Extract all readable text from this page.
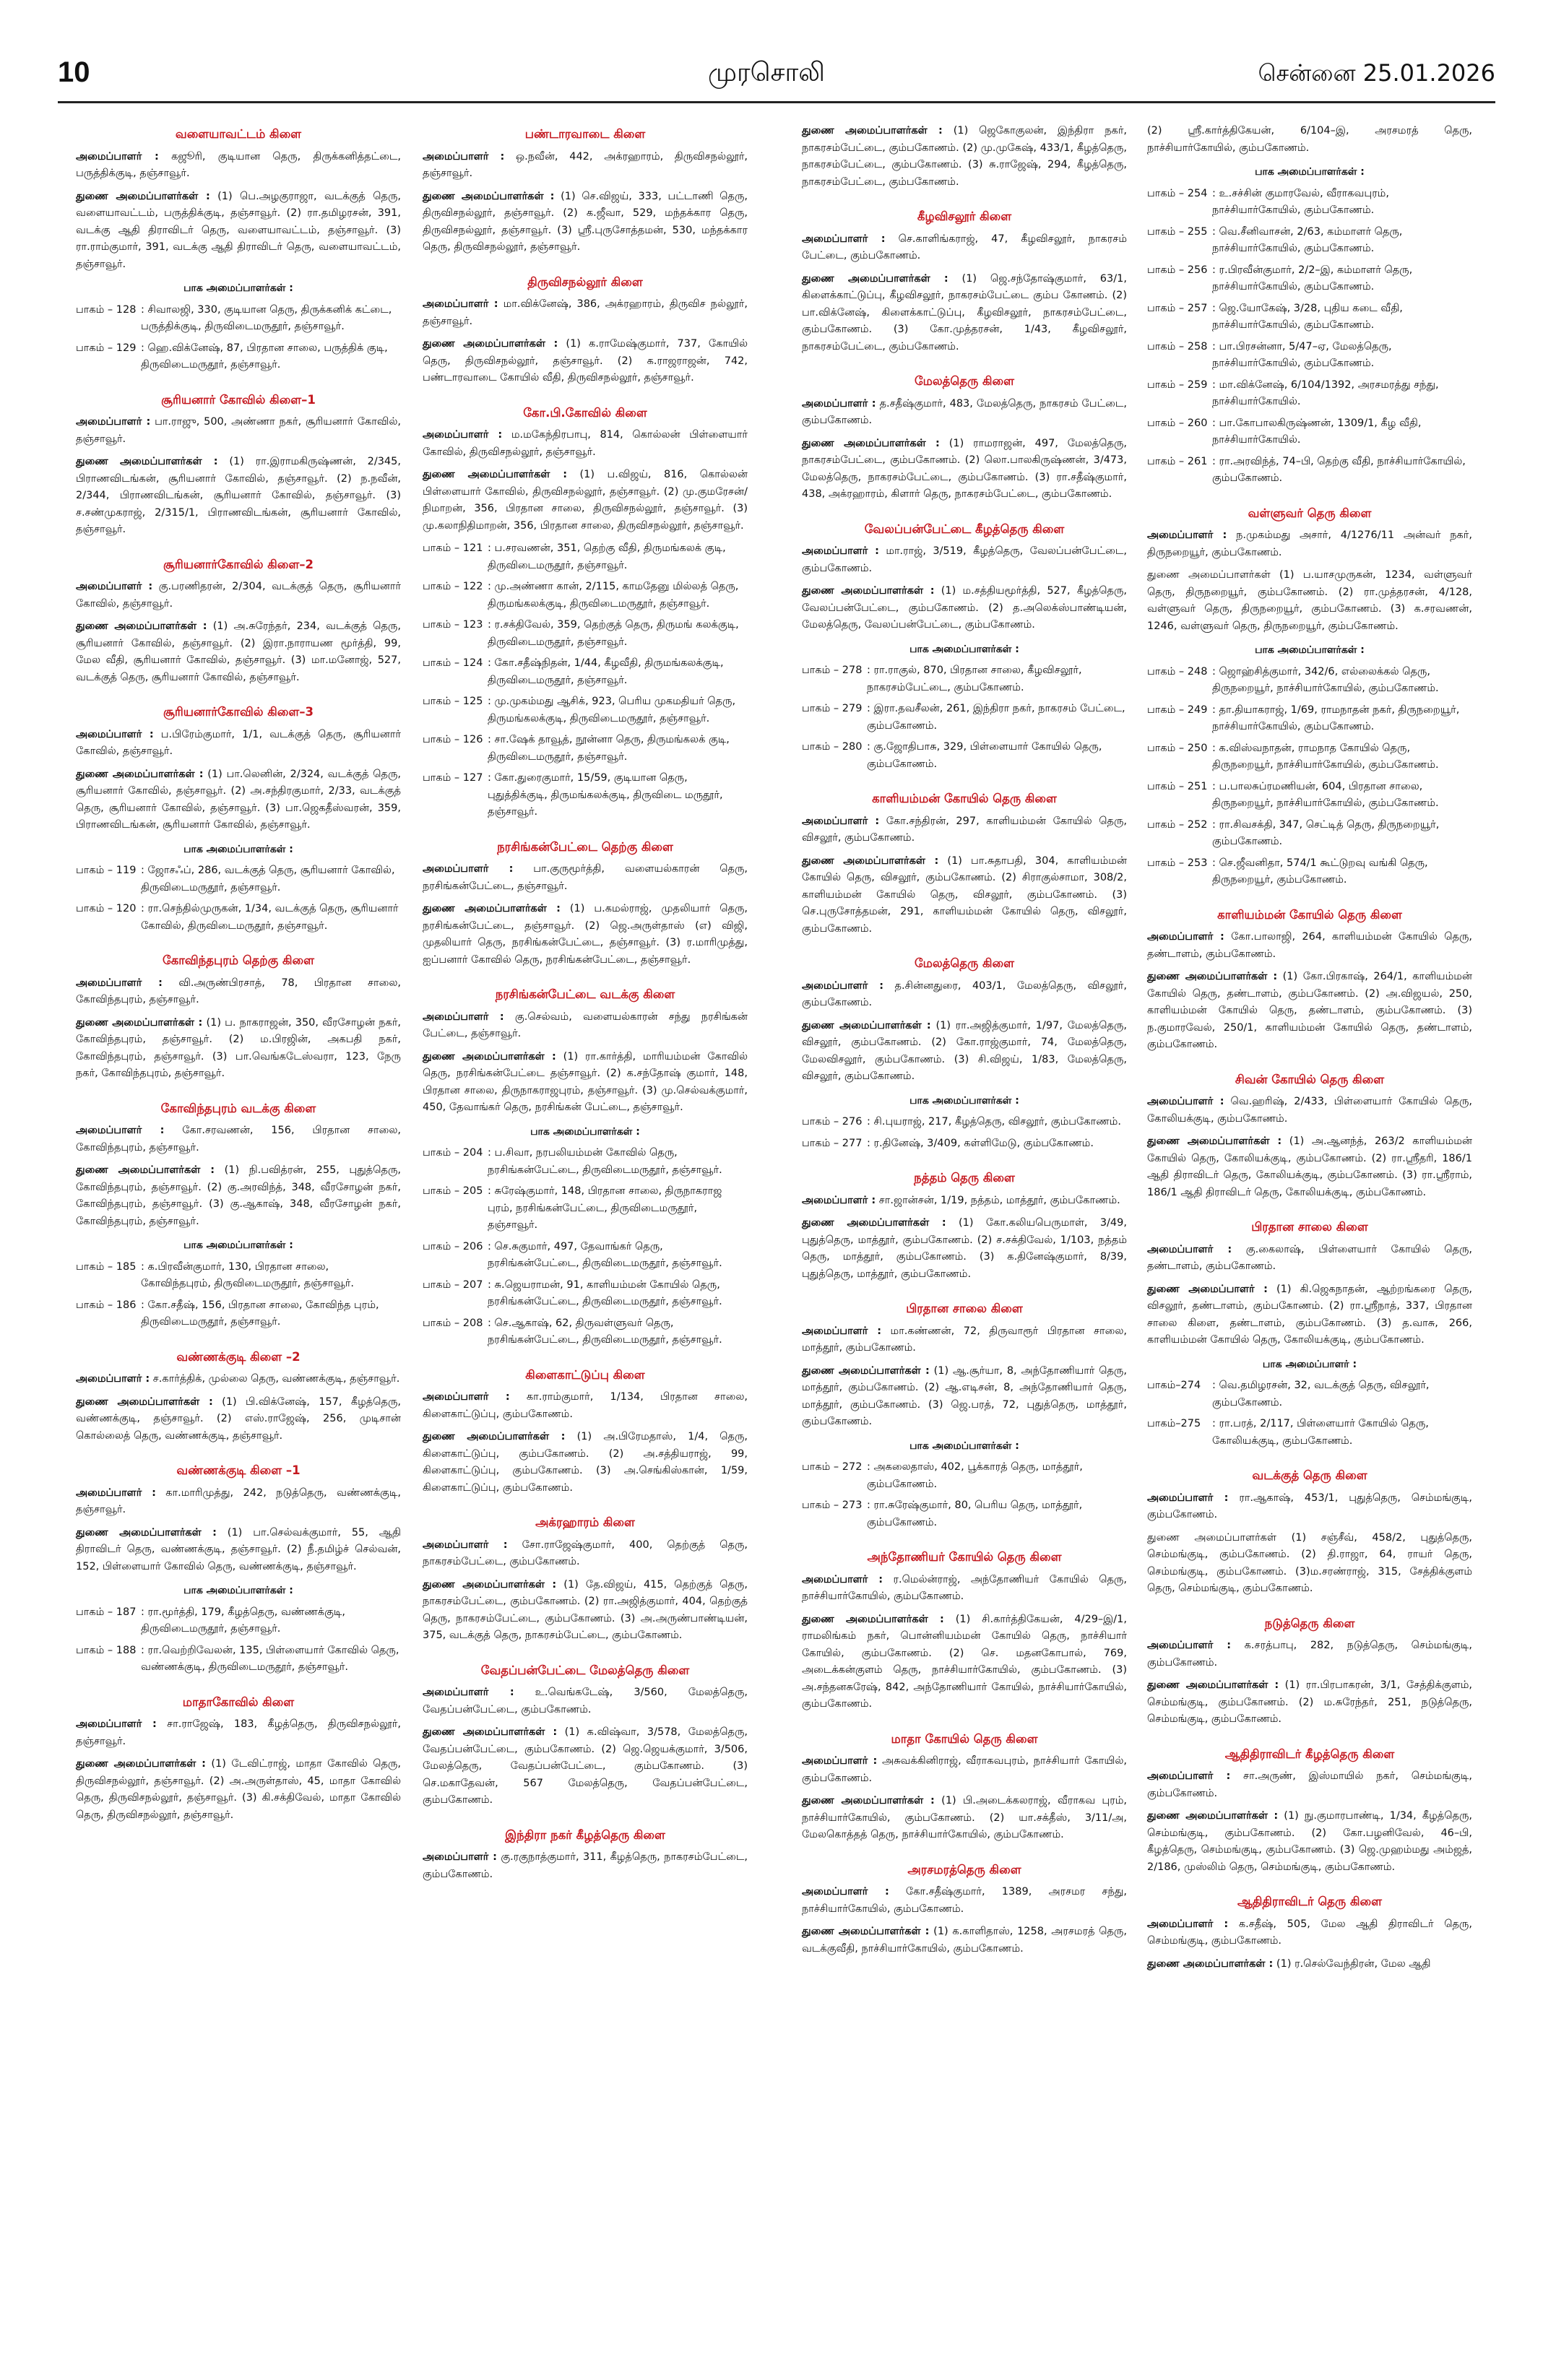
10	முரசொலி	சென்னை 25.01.2026
வளையாவட்டம் கிளை

அமைப்பாளர் : கஜூரி, குடியான தெரு, திருக்கனித்தட்டை, பருத்திக்குடி, தஞ்சாவூர்.

துணை அமைப்பாளர்கள் : (1) பெ.அழகுராஜா, வடக்குத் தெரு, வளையாவட்டம், பருத்திக்குடி, தஞ்சாவூர். (2) ரா.தமிழரசன், 391, வடக்கு ஆதி திராவிடர் தெரு, வளையாவட்டம், தஞ்சாவூர். (3) ரா.ராம்குமார், 391, வடக்கு ஆதி திராவிடர் தெரு, வளையாவட்டம், தஞ்சாவூர்.

பாக அமைப்பாளர்கள் :
பாகம் – 128 : சிவாலஜி, 330, குடியான தெரு, திருக்கனிக் கட்டை, பருத்திக்குடி, திருவிடைமருதூர், தஞ்சாவூர்.
பாகம் – 129 : ஹெ.விக்னேஷ், 87, பிரதான சாலை, பருத்திக் குடி, திருவிடைமருதூர், தஞ்சாவூர்.
சூரியனார் கோவில் கிளை–1

அமைப்பாளர் : பா.ராஜு, 500, அண்ணா நகர், சூரியனார் கோவில், தஞ்சாவூர்.

துணை அமைப்பாளர்கள் : (1) ரா.இராமகிருஷ்ணன், 2/345, பிராணவிடங்கன், சூரியனார் கோவில், தஞ்சாவூர். (2) ந.நவீன், 2/344, பிராணவிடங்கன், சூரியனார் கோவில், தஞ்சாவூர். (3) ச.சண்முகராஜ், 2/315/1, பிராணவிடங்கன், சூரியனார் கோவில், தஞ்சாவூர்.

சூரியனார்கோவில் கிளை–2

அமைப்பாளர் : கு.பரணிதரன், 2/304, வடக்குத் தெரு, சூரியனார் கோவில், தஞ்சாவூர்.

துணை அமைப்பாளர்கள் : (1) அ.சுரேந்தர், 234, வடக்குத் தெரு, சூரியனார் கோவில், தஞ்சாவூர். (2) இரா.நாராயண மூர்த்தி, 99, மேல வீதி, சூரியனார் கோவில், தஞ்சாவூர். (3) மா.மனோஜ், 527, வடக்குத் தெரு, சூரியனார் கோவில், தஞ்சாவூர்.

சூரியனார்கோவில் கிளை–3

அமைப்பாளர் : ப.பிரேம்குமார், 1/1, வடக்குத் தெரு, சூரியனார் கோவில், தஞ்சாவூர்.

துணை அமைப்பாளர்கள் : (1) பா.லெனின், 2/324, வடக்குத் தெரு, சூரியனார் கோவில், தஞ்சாவூர். (2) அ.சந்திரகுமார், 2/33, வடக்குத் தெரு, சூரியனார் கோவில், தஞ்சாவூர். (3) பா.ஜெகதீஸ்வரன், 359, பிராணவிடங்கன், சூரியனார் கோவில், தஞ்சாவூர்.

பாக அமைப்பாளர்கள் :
பாகம் – 119 : ஜோசஃப், 286, வடக்குத் தெரு, சூரியனார் கோவில், திருவிடைமருதூர், தஞ்சாவூர்.
பாகம் – 120 : ரா.செந்தில்முருகன், 1/34, வடக்குத் தெரு, சூரியனார் கோவில், திருவிடைமருதூர், தஞ்சாவூர்.
கோவிந்தபுரம் தெற்கு கிளை

அமைப்பாளர் : வி.அருண்பிரசாத், 78, பிரதான சாலை, கோவிந்தபுரம், தஞ்சாவூர்.

துணை அமைப்பாளர்கள் : (1) ப. நாகராஜன், 350, வீரசோழன் நகர், கோவிந்தபுரம், தஞ்சாவூர். (2) ம.பிரஜின், அகபதி நகர், கோவிந்தபுரம், தஞ்சாவூர். (3) பா.வெங்கடேஸ்வரா, 123, நேரு நகர், கோவிந்தபுரம், தஞ்சாவூர்.

கோவிந்தபுரம் வடக்கு கிளை

அமைப்பாளர் : கோ.சரவணன், 156, பிரதான சாலை, கோவிந்தபுரம், தஞ்சாவூர்.

துணை அமைப்பாளர்கள் : (1) நி.பவித்ரன், 255, புதுத்தெரு, கோவிந்தபுரம், தஞ்சாவூர். (2) கு.அரவிந்த், 348, வீரசோழன் நகர், கோவிந்தபுரம், தஞ்சாவூர். (3) கு.ஆகாஷ், 348, வீரசோழன் நகர், கோவிந்தபுரம், தஞ்சாவூர்.

பாக அமைப்பாளர்கள் :
பாகம் – 185 : க.பிரவீன்குமார், 130, பிரதான சாலை, கோவிந்தபுரம், திருவிடைமருதூர், தஞ்சாவூர்.
பாகம் – 186 : கோ.சதீஷ், 156, பிரதான சாலை, கோவிந்த புரம், திருவிடைமருதூர், தஞ்சாவூர்.
வண்ணக்குடி கிளை –2

அமைப்பாளர் : ச.கார்த்திக், முல்லை தெரு, வண்ணக்குடி, தஞ்சாவூர்.

துணை அமைப்பாளர்கள் : (1) பி.விக்னேஷ், 157, கீழத்தெரு, வண்ணக்குடி, தஞ்சாவூர். (2) எஸ்.ராஜேஷ், 256, முடிசான் கொல்லைத் தெரு, வண்ணக்குடி, தஞ்சாவூர்.

வண்ணக்குடி கிளை –1

அமைப்பாளர் : கா.மாரிமுத்து, 242, நடுத்தெரு, வண்ணக்குடி, தஞ்சாவூர்.

துணை அமைப்பாளர்கள் : (1) பா.செல்வக்குமார், 55, ஆதி திராவிடர் தெரு, வண்ணக்குடி, தஞ்சாவூர். (2) நீ.தமிழ்ச் செல்வன், 152, பிள்ளையார் கோவில் தெரு, வண்ணக்குடி, தஞ்சாவூர்.

பாக அமைப்பாளர்கள் :
பாகம் – 187 : ரா.மூர்த்தி, 179, கீழத்தெரு, வண்ணக்குடி, திருவிடைமருதூர், தஞ்சாவூர்.
பாகம் – 188 : ரா.வெற்றிவேலன், 135, பிள்ளையார் கோவில் தெரு, வண்ணக்குடி, திருவிடைமருதூர், தஞ்சாவூர்.
மாதாகோவில் கிளை

அமைப்பாளர் : சா.ராஜேஷ், 183, கீழத்தெரு, திருவிசநல்லூர், தஞ்சாவூர்.

துணை அமைப்பாளர்கள் : (1) டேவிட்ராஜ், மாதா கோவில் தெரு, திருவிசநல்லூர், தஞ்சாவூர். (2) அ.அருள்தாஸ், 45, மாதா கோவில் தெரு, திருவிசநல்லூர், தஞ்சாவூர். (3) கி.சக்திவேல், மாதா கோவில் தெரு, திருவிசநல்லூர், தஞ்சாவூர்.

பண்டாரவாடை கிளை

அமைப்பாளர் : ஒ.நவீன், 442, அக்ரஹாரம், திருவிசநல்லூர், தஞ்சாவூர்.

துணை அமைப்பாளர்கள் : (1) செ.விஜய், 333, பட்டாணி தெரு, திருவிசநல்லூர், தஞ்சாவூர். (2) க.ஜீவா, 529, மந்தக்கார தெரு, திருவிசநல்லூர், தஞ்சாவூர். (3) ஸ்ரீ.புருசோத்தமன், 530, மந்தக்கார தெரு, திருவிசநல்லூர், தஞ்சாவூர்.

திருவிசநல்லூர் கிளை

அமைப்பாளர் : மா.விக்னேஷ், 386, அக்ரஹாரம், திருவிச நல்லூர், தஞ்சாவூர்.

துணை அமைப்பாளர்கள் : (1) க.ராமேஷ்குமார், 737, கோயில் தெரு, திருவிசநல்லூர், தஞ்சாவூர். (2) க.ராஜராஜன், 742, பண்டாரவாடை கோயில் வீதி, திருவிசநல்லூர், தஞ்சாவூர்.

கோ.பி.கோவில் கிளை

அமைப்பாளர் : ம.மகேந்திரபாபு, 814, கொல்லன் பிள்ளையார் கோவில், திருவிசநல்லூர், தஞ்சாவூர்.

துணை அமைப்பாளர்கள் : (1) ப.விஜய், 816, கொல்லன் பிள்ளையார் கோவில், திருவிசநல்லூர், தஞ்சாவூர். (2) மு.குமரேசன்/நிமாறன், 356, பிரதான சாலை, திருவிசநல்லூர், தஞ்சாவூர். (3) மு.கலாநிதிமாறன், 356, பிரதான சாலை, திருவிசநல்லூர், தஞ்சாவூர்.

பாகம் – 121 : ப.சரவணன், 351, தெற்கு வீதி, திருமங்கலக் குடி, திருவிடைமருதூர், தஞ்சாவூர்.
பாகம் – 122 : மு.அண்ணா கான், 2/115, காமதேனு மில்லத் தெரு, திருமங்கலக்குடி, திருவிடைமருதூர், தஞ்சாவூர்.
பாகம் – 123 : ர.சக்திவேல், 359, தெற்குத் தெரு, திருமங் கலக்குடி, திருவிடைமருதூர், தஞ்சாவூர்.
பாகம் – 124 : கோ.சதீஷ்நிதன், 1/44, கீழவீதி, திருமங்கலக்குடி, திருவிடைமருதூர், தஞ்சாவூர்.
பாகம் – 125 : மு.முகம்மது ஆசிக், 923, பெரிய முகமதியர் தெரு, திருமங்கலக்குடி, திருவிடைமருதூர், தஞ்சாவூர்.
பாகம் – 126 : சா.ஷேக் தாவூத், நூன்னா தெரு, திருமங்கலக் குடி, திருவிடைமருதூர், தஞ்சாவூர்.
பாகம் – 127 : கோ.துரைகுமார், 15/59, குடியான தெரு, புதுத்திக்குடி, திருமங்கலக்குடி, திருவிடை மருதூர், தஞ்சாவூர்.
நரசிங்கன்பேட்டை தெற்கு கிளை

அமைப்பாளர் : பா.குருமூர்த்தி, வளையல்காரன் தெரு, நரசிங்கன்பேட்டை, தஞ்சாவூர்.

துணை அமைப்பாளர்கள் : (1) ப.கமல்ராஜ், முதலியார் தெரு, நரசிங்கன்பேட்டை, தஞ்சாவூர். (2) ஜெ.அருள்தாஸ் (எ) விஜி, முதலியார் தெரு, நரசிங்கன்பேட்டை, தஞ்சாவூர். (3) ர.மாரிமுத்து, ஐப்பனார் கோவில் தெரு, நரசிங்கன்பேட்டை, தஞ்சாவூர்.

நரசிங்கன்பேட்டை வடக்கு கிளை

அமைப்பாளர் : கு.செல்வம், வளையல்காரன் சந்து நரசிங்கன் பேட்டை, தஞ்சாவூர்.

துணை அமைப்பாளர்கள் : (1) ரா.கார்த்தி, மாரியம்மன் கோவில் தெரு, நரசிங்கன்பேட்டை தஞ்சாவூர். (2) க.சந்தோஷ் குமார், 148, பிரதான சாலை, திருநாகராஜபுரம், தஞ்சாவூர். (3) மு.செல்வக்குமார், 450, தேவாங்கர் தெரு, நரசிங்கன் பேட்டை, தஞ்சாவூர்.

பாக அமைப்பாளர்கள் :
பாகம் – 204 : ப.சிவா, நரபலியம்மன் கோவில் தெரு, நரசிங்கன்பேட்டை, திருவிடைமருதூர், தஞ்சாவூர்.
பாகம் – 205 : சுரேஷ்குமார், 148, பிரதான சாலை, திருநாகராஜ புரம், நரசிங்கன்பேட்டை, திருவிடைமருதூர், தஞ்சாவூர்.
பாகம் – 206 : செ.சுகுமார், 497, தேவாங்கர் தெரு, நரசிங்கன்பேட்டை, திருவிடைமருதூர், தஞ்சாவூர்.
பாகம் – 207 : சு.ஜெயராமன், 91, காளியம்மன் கோயில் தெரு, நரசிங்கன்பேட்டை, திருவிடைமருதூர், தஞ்சாவூர்.
பாகம் – 208 : செ.ஆகாஷ், 62, திருவள்ளுவர் தெரு, நரசிங்கன்பேட்டை, திருவிடைமருதூர், தஞ்சாவூர்.
கிளைகாட்டுப்பு கிளை

அமைப்பாளர் : கா.ராம்குமார், 1/134, பிரதான சாலை, கிளைகாட்டுப்பு, கும்பகோணம்.

துணை அமைப்பாளர்கள் : (1) அ.பிரேமதாஸ், 1/4, தெரு, கிளைகாட்டுப்பு, கும்பகோணம். (2) அ.சத்தியராஜ், 99, கிளைகாட்டுப்பு, கும்பகோணம். (3) அ.செங்கிஸ்கான், 1/59, கிளைகாட்டுப்பு, கும்பகோணம்.

அக்ரஹாரம் கிளை

அமைப்பாளர் : சோ.ராஜேஷ்குமார், 400, தெற்குத் தெரு, நாகரசம்பேட்டை, கும்பகோணம்.

துணை அமைப்பாளர்கள் : (1) தே.விஜய், 415, தெற்குத் தெரு, நாகரசம்பேட்டை, கும்பகோணம். (2) ரா.அஜித்குமார், 404, தெற்குத் தெரு, நாகரசம்பேட்டை, கும்பகோணம். (3) அ.அருண்பாண்டியன், 375, வடக்குத் தெரு, நாகரசம்பேட்டை, கும்பகோணம்.

வேதப்பன்பேட்டை மேலத்தெரு கிளை

அமைப்பாளர் : உ.வெங்கடேஷ், 3/560, மேலத்தெரு, வேதப்பன்பேட்டை, கும்பகோணம்.

துணை அமைப்பாளர்கள் : (1) க.விஷ்வா, 3/578, மேலத்தெரு, வேதப்பன்பேட்டை, கும்பகோணம். (2) ஜெ.ஜெயக்குமார், 3/506, மேலத்தெரு, வேதப்பன்பேட்டை, கும்பகோணம். (3) செ.மகாதேவன், 567 மேலத்தெரு, வேதப்பன்பேட்டை, கும்பகோணம்.

இந்திரா நகர் கீழத்தெரு கிளை

அமைப்பாளர் : கு.ரகுநாத்குமார், 311, கீழத்தெரு, நாகரசம்பேட்டை, கும்பகோணம்.

துணை அமைப்பாளர்கள் : (1) ஜெகோகுலன், இந்திரா நகர், நாகரசம்பேட்டை, கும்பகோணம். (2) மு.முகேஷ், 433/1, கீழத்தெரு, நாகரசம்பேட்டை, கும்பகோணம். (3) சு.ராஜேஷ், 294, கீழத்தெரு, நாகரசம்பேட்டை, கும்பகோணம்.

கீழவிசலூர் கிளை

அமைப்பாளர் : செ.காளிங்கராஜ், 47, கீழவிசலூர், நாகரசம் பேட்டை, கும்பகோணம்.

துணை அமைப்பாளர்கள் : (1) ஜெ.சந்தோஷ்குமார், 63/1, கிளைக்காட்டுப்பு, கீழவிசலூர், நாகரசம்பேட்டை கும்ப கோணம். (2) பா.விக்னேஷ், கிளைக்காட்டுப்பு, கீழவிசலூர், நாகரசம்பேட்டை, கும்பகோணம். (3) கோ.முத்தரசன், 1/43, கீழவிசலூர், நாகரசம்பேட்டை, கும்பகோணம்.

மேலத்தெரு கிளை

அமைப்பாளர் : த.சதீஷ்குமார், 483, மேலத்தெரு, நாகரசம் பேட்டை, கும்பகோணம்.

துணை அமைப்பாளர்கள் : (1) ராமராஜன், 497, மேலத்தெரு, நாகரசம்பேட்டை, கும்பகோணம். (2) லொ.பாலகிருஷ்ணன், 3/473, மேலத்தெரு, நாகரசம்பேட்டை, கும்பகோணம். (3) ரா.சதீஷ்குமார், 438, அக்ரஹாரம், கிளார் தெரு, நாகரசம்பேட்டை, கும்பகோணம்.

வேலப்பன்பேட்டை கீழத்தெரு கிளை

அமைப்பாளர் : மா.ராஜ், 3/519, கீழத்தெரு, வேலப்பன்பேட்டை, கும்பகோணம்.

துணை அமைப்பாளர்கள் : (1) ம.சத்தியமூர்த்தி, 527, கீழத்தெரு, வேலப்பன்பேட்டை, கும்பகோணம். (2) த.அலெக்ஸ்பாண்டியன், மேலத்தெரு, வேலப்பன்பேட்டை, கும்பகோணம்.

பாக அமைப்பாளர்கள் :
பாகம் – 278 : ரா.ராகுல், 870, பிரதான சாலை, கீழவிசலூர், நாகரசம்பேட்டை, கும்பகோணம்.
பாகம் – 279 : இரா.தவசீலன், 261, இந்திரா நகர், நாகரசம் பேட்டை, கும்பகோணம்.
பாகம் – 280 : கு.ஜோதிபாசு, 329, பிள்ளையார் கோயில் தெரு, கும்பகோணம்.
காளியம்மன் கோயில் தெரு கிளை

அமைப்பாளர் : கோ.சந்திரன், 297, காளியம்மன் கோயில் தெரு, விசலூர், கும்பகோணம்.

துணை அமைப்பாளர்கள் : (1) பா.சுதாபதி, 304, காளியம்மன் கோயில் தெரு, விசலூர், கும்பகோணம். (2) சிராகுல்சாமா, 308/2, காளியம்மன் கோயில் தெரு, விசலூர், கும்பகோணம். (3) செ.புருசோத்தமன், 291, காளியம்மன் கோயில் தெரு, விசலூர், கும்பகோணம்.

மேலத்தெரு கிளை

அமைப்பாளர் : த.சின்னதுரை, 403/1, மேலத்தெரு, விசலூர், கும்பகோணம்.

துணை அமைப்பாளர்கள் : (1) ரா.அஜித்குமார், 1/97, மேலத்தெரு, விசலூர், கும்பகோணம். (2) கோ.ராஜ்குமார், 74, மேலத்தெரு, மேலவிசலூர், கும்பகோணம். (3) சி.விஜய், 1/83, மேலத்தெரு, விசலூர், கும்பகோணம்.

பாக அமைப்பாளர்கள் :
பாகம் – 276 : சி.புயராஜ், 217, கீழத்தெரு, விசலூர், கும்பகோணம்.
பாகம் – 277 : ர.தினேஷ், 3/409, கள்ளிமேடு, கும்பகோணம்.
நத்தம் தெரு கிளை

அமைப்பாளர் : சா.ஜான்சன், 1/19, நத்தம், மாத்தூர், கும்பகோணம்.

துணை அமைப்பாளர்கள் : (1) கோ.கலியபெருமாள், 3/49, புதுத்தெரு, மாத்தூர், கும்பகோணம். (2) ச.சக்திவேல், 1/103, நத்தம் தெரு, மாத்தூர், கும்பகோணம். (3) க.தினேஷ்குமார், 8/39, புதுத்தெரு, மாத்தூர், கும்பகோணம்.

பிரதான சாலை கிளை

அமைப்பாளர் : மா.கண்ணன், 72, திருவாரூர் பிரதான சாலை, மாத்தூர், கும்பகோணம்.

துணை அமைப்பாளர்கள் : (1) ஆ.சூர்யா, 8, அந்தோணியார் தெரு, மாத்தூர், கும்பகோணம். (2) ஆ.எடிசன், 8, அந்தோணியார் தெரு, மாத்தூர், கும்பகோணம். (3) ஜெ.பரத், 72, புதுத்தெரு, மாத்தூர், கும்பகோணம்.

பாக அமைப்பாளர்கள் :
பாகம் – 272 : அகலைதாஸ், 402, பூக்காரத் தெரு, மாத்தூர், கும்பகோணம்.
பாகம் – 273 : ரா.சுரேஷ்குமார், 80, பெரிய தெரு, மாத்தூர், கும்பகோணம்.
அந்தோணியர் கோயில் தெரு கிளை

அமைப்பாளர் : ர.மெல்ன்ராஜ், அந்தோணியர் கோயில் தெரு, நாச்சியார்கோயில், கும்பகோணம்.

துணை அமைப்பாளர்கள் : (1) சி.கார்த்திகேயன், 4/29–இ/1, ராமலிங்கம் நகர், பொன்னியம்மன் கோயில் தெரு, நாச்சியார் கோயில், கும்பகோணம். (2) செ. மதனகோபால், 769, அடைக்கன்குளம் தெரு, நாச்சியார்கோயில், கும்பகோணம். (3) அ.சந்தனசுரேஷ், 842, அந்தோணியார் கோயில், நாச்சியார்கோயில், கும்பகோணம்.

மாதா கோயில் தெரு கிளை

அமைப்பாளர் : அசுவக்கினிராஜ், வீராகவபுரம், நாச்சியார் கோயில், கும்பகோணம்.

துணை அமைப்பாளர்கள் : (1) பி.அடைக்கலராஜ், வீராகவ புரம், நாச்சியார்கோயில், கும்பகோணம். (2) யா.சக்தீஸ், 3/11/அ, மேலகொத்தத் தெரு, நாச்சியார்கோயில், கும்பகோணம்.

அரசமரத்தெரு கிளை

அமைப்பாளர் : கோ.சதீஷ்குமார், 1389, அரசமர சந்து, நாச்சியார்கோயில், கும்பகோணம்.

துணை அமைப்பாளர்கள் : (1) க.காளிதாஸ், 1258, அரசமரத் தெரு, வடக்குவீதி, நாச்சியார்கோயில், கும்பகோணம்.

(2) ஸ்ரீ.கார்த்திகேயன், 6/104–இ, அரசமரத் தெரு, நாச்சியார்கோயில், கும்பகோணம்.

பாக அமைப்பாளர்கள் :
பாகம் – 254 : உ.சச்சின் குமாரவேல், வீராகவபுரம், நாச்சியார்கோயில், கும்பகோணம்.
பாகம் – 255 : வெ.சீனிவாசன், 2/63, கம்மாளர் தெரு, நாச்சியார்கோயில், கும்பகோணம்.
பாகம் – 256 : ர.பிரவீன்குமார், 2/2–இ, கம்மாளர் தெரு, நாச்சியார்கோயில், கும்பகோணம்.
பாகம் – 257 : ஜெ.யோகேஷ், 3/28, புதிய கடை வீதி, நாச்சியார்கோயில், கும்பகோணம்.
பாகம் – 258 : பா.பிரசன்னா, 5/47–ஏ, மேலத்தெரு, நாச்சியார்கோயில், கும்பகோணம்.
பாகம் – 259 : மா.விக்னேஷ், 6/104/1392, அரசமரத்து சந்து, நாச்சியார்கோயில்.
பாகம் – 260 : பா.கோபாலகிருஷ்ணன், 1309/1, கீழ வீதி, நாச்சியார்கோயில்.
பாகம் – 261 : ரா.அரவிந்த், 74–பி, தெற்கு வீதி, நாச்சியார்கோயில், கும்பகோணம்.
வள்ளுவர் தெரு கிளை

அமைப்பாளர் : ந.முகம்மது அசார், 4/1276/11 அன்வர் நகர், திருநறையூர், கும்பகோணம்.

துணை அமைப்பாளர்கள் (1) ப.யாசமுருகன், 1234, வள்ளுவர் தெரு, திருநறையூர், கும்பகோணம். (2) ரா.முத்தரசன், 4/128, வள்ளுவர் தெரு, திருநறையூர், கும்பகோணம். (3) க.சரவணன், 1246, வள்ளுவர் தெரு, திருநறையூர், கும்பகோணம்.

பாக அமைப்பாளர்கள் :
பாகம் – 248 : ஜொஹ்சித்குமார், 342/6, எல்லைக்கல் தெரு, திருநறையூர், நாச்சியார்கோயில், கும்பகோணம்.
பாகம் – 249 : தா.தியாகராஜ், 1/69, ராமநாதன் நகர், திருநறையூர், நாச்சியார்கோயில், கும்பகோணம்.
பாகம் – 250 : க.விஸ்வநாதன், ராமநாத கோயில் தெரு, திருநறையூர், நாச்சியார்கோயில், கும்பகோணம்.
பாகம் – 251 : ப.பாலசுப்ரமணியன், 604, பிரதான சாலை, திருநறையூர், நாச்சியார்கோயில், கும்பகோணம்.
பாகம் – 252 : ரா.சிவசக்தி, 347, செட்டித் தெரு, திருநறையூர், கும்பகோணம்.
பாகம் – 253 : செ.ஜீவனிதா, 574/1 கூட்டுறவு வங்கி தெரு, திருநறையூர், கும்பகோணம்.
காளியம்மன் கோயில் தெரு கிளை

அமைப்பாளர் : கோ.பாலாஜி, 264, காளியம்மன் கோயில் தெரு, தண்டாளம், கும்பகோணம்.

துணை அமைப்பாளர்கள் : (1) கோ.பிரகாஷ், 264/1, காளியம்மன் கோயில் தெரு, தண்டாளம், கும்பகோணம். (2) அ.விஜயல், 250, காளியம்மன் கோயில் தெரு, தண்டாளம், கும்பகோணம். (3) ந.குமாரவேல், 250/1, காளியம்மன் கோயில் தெரு, தண்டாளம், கும்பகோணம்.

சிவன் கோயில் தெரு கிளை

அமைப்பாளர் : வெ.ஹரிஷ், 2/433, பிள்ளையார் கோயில் தெரு, கோலியக்குடி, கும்பகோணம்.

துணை அமைப்பாளர்கள் : (1) அ.ஆனந்த், 263/2 காளியம்மன் கோயில் தெரு, கோலியக்குடி, கும்பகோணம். (2) ரா.ஸ்ரீதரி, 186/1 ஆதி திராவிடர் தெரு, கோலியக்குடி, கும்பகோணம். (3) ரா.ஸ்ரீராம், 186/1 ஆதி திராவிடர் தெரு, கோலியக்குடி, கும்பகோணம்.

பிரதான சாலை கிளை

அமைப்பாளர் : கு.கைலாஷ், பிள்ளையார் கோயில் தெரு, தண்டாளம், கும்பகோணம்.

துணை அமைப்பாளர் : (1) கி.ஜெகநாதன், ஆற்றங்கரை தெரு, விசலூர், தண்டாளம், கும்பகோணம். (2) ரா.ஸ்ரீநாத், 337, பிரதான சாலை கிளை, தண்டாளம், கும்பகோணம். (3) த.வாசு, 266, காளியம்மன் கோயில் தெரு, கோலியக்குடி, கும்பகோணம்.

பாக அமைப்பாளர் :
பாகம்–274	: வெ.தமிழரசன், 32, வடக்குத் தெரு, விசலூர், கும்பகோணம்.
பாகம்–275	: ரா.பரத், 2/117, பிள்ளையார் கோயில் தெரு, கோலியக்குடி, கும்பகோணம்.
வடக்குத் தெரு கிளை

அமைப்பாளர் : ரா.ஆகாஷ், 453/1, புதுத்தெரு, செம்மங்குடி, கும்பகோணம்.

துணை அமைப்பாளர்கள் (1) சஞ்சீவ், 458/2, புதுத்தெரு, செம்மங்குடி, கும்பகோணம். (2) தி.ராஜா, 64, ராயர் தெரு, செம்மங்குடி, கும்பகோணம். (3)ம.சரண்ராஜ், 315, சேத்திக்குளம் தெரு, செம்மங்குடி, கும்பகோணம்.

நடுத்தெரு கிளை

அமைப்பாளர் : க.சரத்பாபு, 282, நடுத்தெரு, செம்மங்குடி, கும்பகோணம்.

துணை அமைப்பாளர்கள் : (1) ரா.பிரபாகரன், 3/1, சேத்திக்குளம், செம்மங்குடி, கும்பகோணம். (2) ம.சுரேந்தர், 251, நடுத்தெரு, செம்மங்குடி, கும்பகோணம்.

ஆதிதிராவிடர் கீழத்தெரு கிளை

அமைப்பாளர் : சா.அருண், இஸ்மாயில் நகர், செம்மங்குடி, கும்பகோணம்.

துணை அமைப்பாளர்கள் : (1) நு.குமாரபாண்டி, 1/34, கீழத்தெரு, செம்மங்குடி, கும்பகோணம். (2) கோ.பழனிவேல், 46–பி, கீழத்தெரு, செம்மங்குடி, கும்பகோணம். (3) ஜெ.முஹம்மது அம்ஜத், 2/186, முஸ்லிம் தெரு, செம்மங்குடி, கும்பகோணம்.

ஆதிதிராவிடர் தெரு கிளை

அமைப்பாளர் : க.சதீஷ், 505, மேல ஆதி திராவிடர் தெரு, செம்மங்குடி, கும்பகோணம்.

துணை அமைப்பாளர்கள் : (1) ர.செல்வேந்திரன், மேல ஆதி
